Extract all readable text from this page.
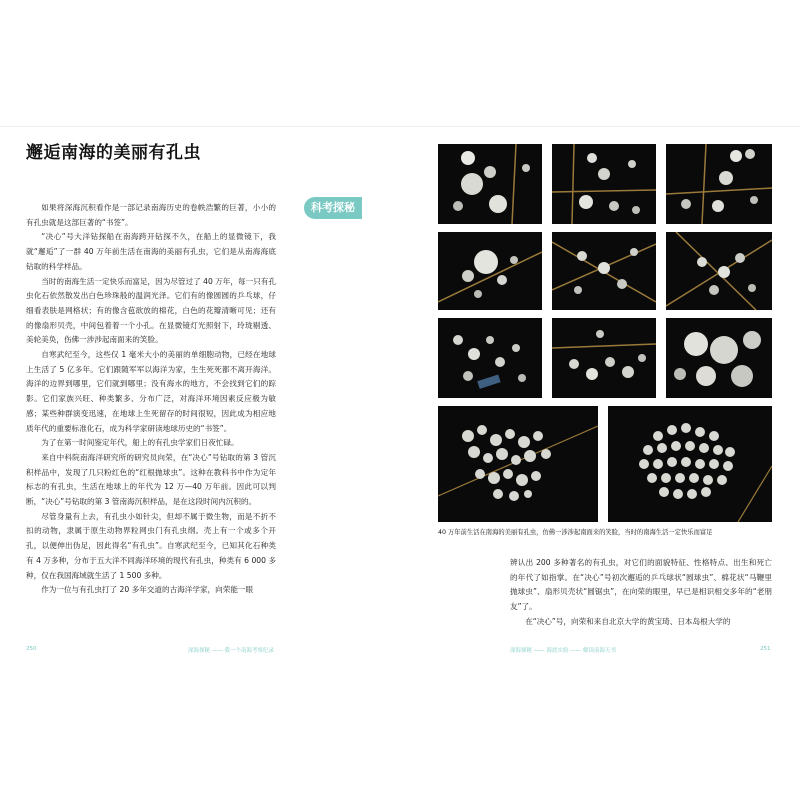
邂逅南海的美丽有孔虫
科考探秘

如果将深海沉积看作是一部记录南海历史的卷帙浩繁的巨著，小小的有孔虫就是这部巨著的“书签”。

“决心”号大洋钻探船在南海跨开钻探不久，在船上的显微镜下，我就“邂逅”了一群 40 万年前生活在南海的美丽有孔虫，它们是从南海海底钻取的科学样品。

当时的南海生活一定快乐而富足，因为尽管过了 40 万年，每一只有孔虫化石依然散发出白色珍珠般的温润光泽。它们有的像圆圆的乒乓球，仔细看表肤是网格状；有的像含苞欲放的棉花，白色的花瓣清晰可见；还有的像扇形贝壳，中间包着着一个小孔。在显微镜灯光照射下，玲珑剔透、美轮美奂，伤佛一涉涉起南面来的笑脸。

自寒武纪至今，这些仅 1 毫米大小的美丽的单细胞动物，已经在地球上生活了 5 亿多年。它们跟随军军以海洋为家，生生死死都不离开海洋。海洋的边界到哪里，它们就到哪里；没有海水的地方，不会找到它们的踪影。它们家族兴旺、种类繁多、分布广泛，对海洋环境因素反应极为敏感；某些种群演变迅速，在地球上生死留存的时间很短，因此成为相应地质年代的重要标准化石，成为科学家研读地球历史的“书签”。

为了在第一时间鉴定年代，船上的有孔虫学家们日夜忙碌。

来自中科院南海洋研究所的研究员向荣，在“决心”号钻取的第 3 管沉积样品中，发现了几只粉红色的“红根抛球虫”。这种在教科书中作为定年标志的有孔虫，生活在地球上的年代为 12 万—40 万年前。因此可以判断，“决心”号钻取的第 3 管南海沉积样品，是在这段时间内沉积的。

尽管身量有上去，有孔虫小如针尖，但却不属于微生物，而是不折不扣的动物，隶属于原生动物界粒网虫门有孔虫纲。壳上有一个或多个开孔，以便伸出伪足，因此得名“有孔虫”。自寒武纪至今，已知其化石种类有 4 万多种，分布于五大洋不同海洋环境的现代有孔虫，种类有 6 000 多种，仅在我国海域就生活了 1 500 多种。

作为一位与有孔虫打了 20 多年交道的古海洋学家，向荣能一眼

40 万年前生活在南海的美丽有孔虫，仿佛一涉涉起南面来的笑脸，当时的南海生活一定快乐而富足

辨认出 200 多种著名的有孔虫，对它们的面貌特征、性格特点、出生和死亡的年代了如指掌。在“决心”号初次邂逅的乒乓球状“圆球虫”、棉花状“马鞭里抛球虫”、扇形贝壳状“圆锯虫”，在向荣的眼里，早已是相识相交多年的“老朋友”了。

在“决心”号，向荣和来自北京大学的黄宝琦、日本岛根大学的

250	深海探秘 —— 我一个南海考察纪录	深海探秘 —— 海底实验 —— 解读南海天书	251
